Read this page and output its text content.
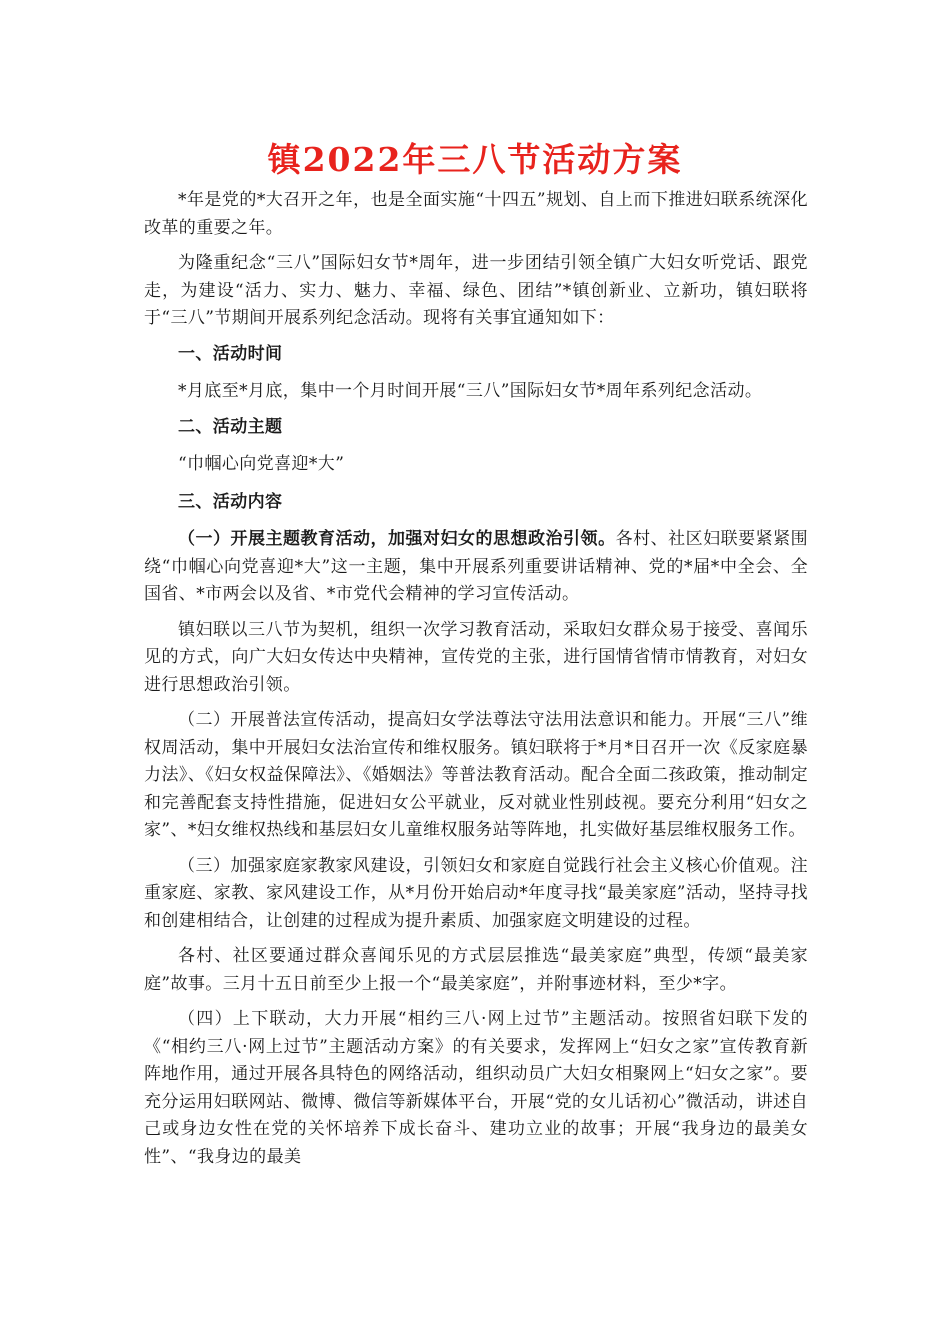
镇2022年三八节活动方案

*年是党的*大召开之年，也是全面实施“十四五”规划、自上而下推进妇联系统深化改革的重要之年。

为隆重纪念“三八”国际妇女节*周年，进一步团结引领全镇广大妇女听党话、跟党走，为建设“活力、实力、魅力、幸福、绿色、团结”*镇创新业、立新功，镇妇联将于“三八”节期间开展系列纪念活动。现将有关事宜通知如下：

一、活动时间

*月底至*月底，集中一个月时间开展“三八”国际妇女节*周年系列纪念活动。

二、活动主题

“巾帼心向党喜迎*大”

三、活动内容

（一）开展主题教育活动，加强对妇女的思想政治引领。各村、社区妇联要紧紧围绕“巾帼心向党喜迎*大”这一主题，集中开展系列重要讲话精神、党的*届*中全会、全国省、*市两会以及省、*市党代会精神的学习宣传活动。

镇妇联以三八节为契机，组织一次学习教育活动，采取妇女群众易于接受、喜闻乐见的方式，向广大妇女传达中央精神，宣传党的主张，进行国情省情市情教育，对妇女进行思想政治引领。

（二）开展普法宣传活动，提高妇女学法尊法守法用法意识和能力。开展“三八”维权周活动，集中开展妇女法治宣传和维权服务。镇妇联将于*月*日召开一次《反家庭暴力法》、《妇女权益保障法》、《婚姻法》等普法教育活动。配合全面二孩政策，推动制定和完善配套支持性措施，促进妇女公平就业，反对就业性别歧视。要充分利用“妇女之家”、*妇女维权热线和基层妇女儿童维权服务站等阵地，扎实做好基层维权服务工作。

（三）加强家庭家教家风建设，引领妇女和家庭自觉践行社会主义核心价值观。注重家庭、家教、家风建设工作，从*月份开始启动*年度寻找“最美家庭”活动，坚持寻找和创建相结合，让创建的过程成为提升素质、加强家庭文明建设的过程。

各村、社区要通过群众喜闻乐见的方式层层推选“最美家庭”典型，传颂“最美家庭”故事。三月十五日前至少上报一个“最美家庭”，并附事迹材料，至少*字。

（四）上下联动，大力开展“相约三八·网上过节”主题活动。按照省妇联下发的《“相约三八·网上过节”主题活动方案》的有关要求，发挥网上“妇女之家”宣传教育新阵地作用，通过开展各具特色的网络活动，组织动员广大妇女相聚网上“妇女之家”。要充分运用妇联网站、微博、微信等新媒体平台，开展“党的女儿话初心”微活动，讲述自己或身边女性在党的关怀培养下成长奋斗、建功立业的故事；开展“我身边的最美女性”、“我身边的最美
